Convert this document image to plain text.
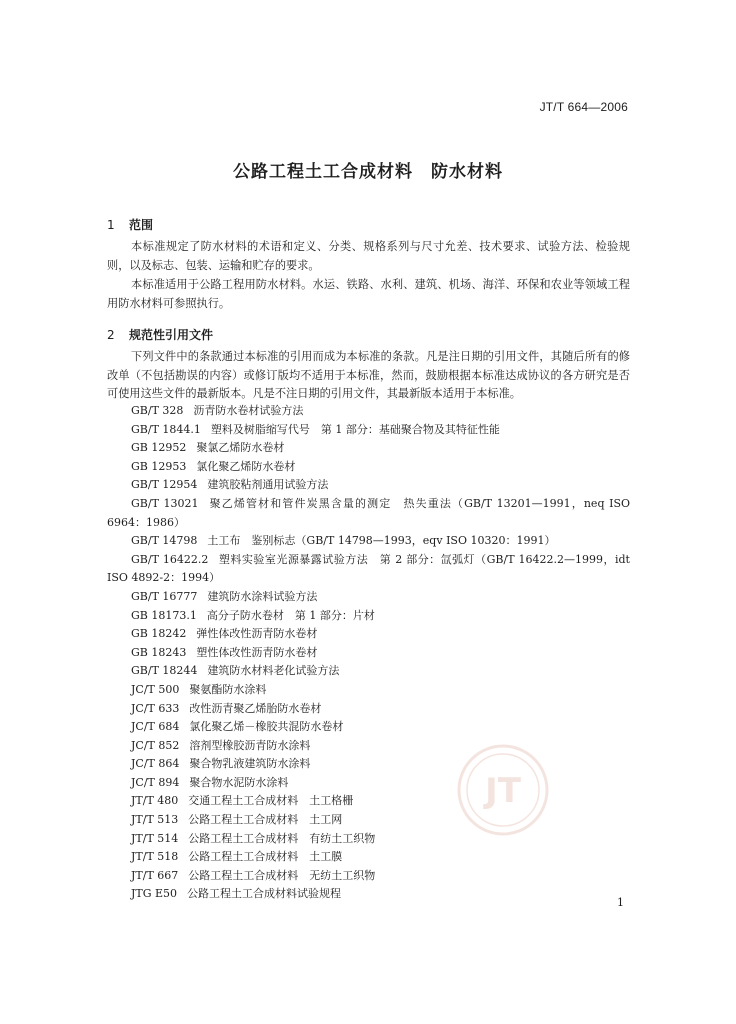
JT/T 664—2006
公路工程土工合成材料 防水材料
1 范围

本标准规定了防水材料的术语和定义、分类、规格系列与尺寸允差、技术要求、试验方法、检验规则，以及标志、包装、运输和贮存的要求。

本标准适用于公路工程用防水材料。水运、铁路、水利、建筑、机场、海洋、环保和农业等领域工程用防水材料可参照执行。

2 规范性引用文件

下列文件中的条款通过本标准的引用而成为本标准的条款。凡是注日期的引用文件，其随后所有的修改单（不包括勘误的内容）或修订版均不适用于本标准，然而，鼓励根据本标准达成协议的各方研究是否可使用这些文件的最新版本。凡是不注日期的引用文件，其最新版本适用于本标准。

GB/T 328 沥青防水卷材试验方法
GB/T 1844.1 塑料及树脂缩写代号　第 1 部分：基础聚合物及其特征性能
GB 12952 聚氯乙烯防水卷材
GB 12953 氯化聚乙烯防水卷材
GB/T 12954 建筑胶粘剂通用试验方法
GB/T 13021 聚乙烯管材和管件炭黑含量的测定　热失重法（GB/T 13201—1991，neq ISO 6964：1986）
GB/T 14798 土工布　鉴别标志（GB/T 14798—1993，eqv ISO 10320：1991）
GB/T 16422.2 塑料实验室光源暴露试验方法　第 2 部分：氙弧灯（GB/T 16422.2—1999，idt ISO 4892-2：1994）
GB/T 16777 建筑防水涂料试验方法
GB 18173.1 高分子防水卷材　第 1 部分：片材
GB 18242 弹性体改性沥青防水卷材
GB 18243 塑性体改性沥青防水卷材
GB/T 18244 建筑防水材料老化试验方法
JC/T 500 聚氨酯防水涂料
JC/T 633 改性沥青聚乙烯胎防水卷材
JC/T 684 氯化聚乙烯－橡胶共混防水卷材
JC/T 852 溶剂型橡胶沥青防水涂料
JC/T 864 聚合物乳液建筑防水涂料
JC/T 894 聚合物水泥防水涂料
JT/T 480 交通工程土工合成材料　土工格栅
JT/T 513 公路工程土工合成材料　土工网
JT/T 514 公路工程土工合成材料　有纺土工织物
JT/T 518 公路工程土工合成材料　土工膜
JT/T 667 公路工程土工合成材料　无纺土工织物
JTG E50 公路工程土工合成材料试验规程
JT
1
